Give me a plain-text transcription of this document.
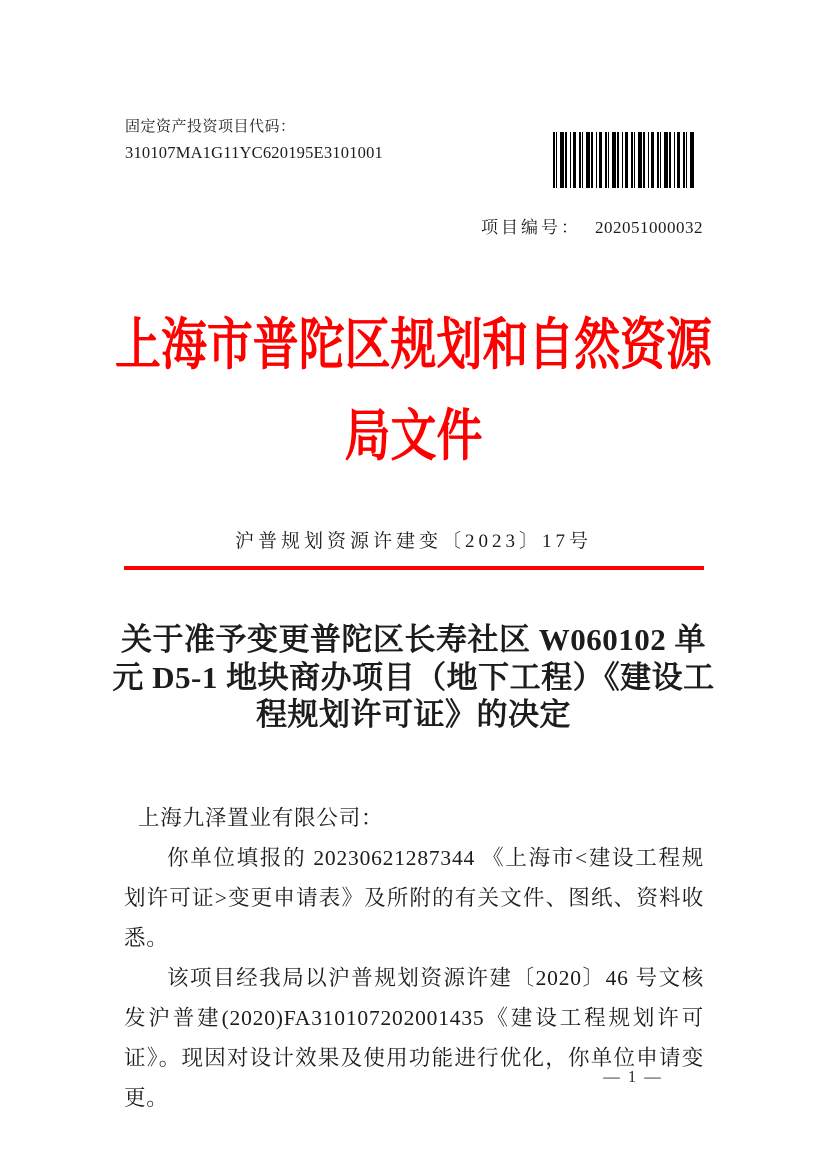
固定资产投资项目代码：
310107MA1G11YC620195E3101001
项目编号： 202051000032
上海市普陀区规划和自然资源
局文件
沪普规划资源许建变〔2023〕17号
关于准予变更普陀区长寿社区 W060102 单
元 D5-1 地块商办项目（地下工程）《建设工
程规划许可证》的决定

上海九泽置业有限公司：

你单位填报的 20230621287344 《上海市<建设工程规划许可证>变更申请表》及所附的有关文件、图纸、资料收悉。

该项目经我局以沪普规划资源许建〔2020〕46 号文核发沪普建(2020)FA310107202001435《建设工程规划许可证》。现因对设计效果及使用功能进行优化，你单位申请变更。

— 1 —
